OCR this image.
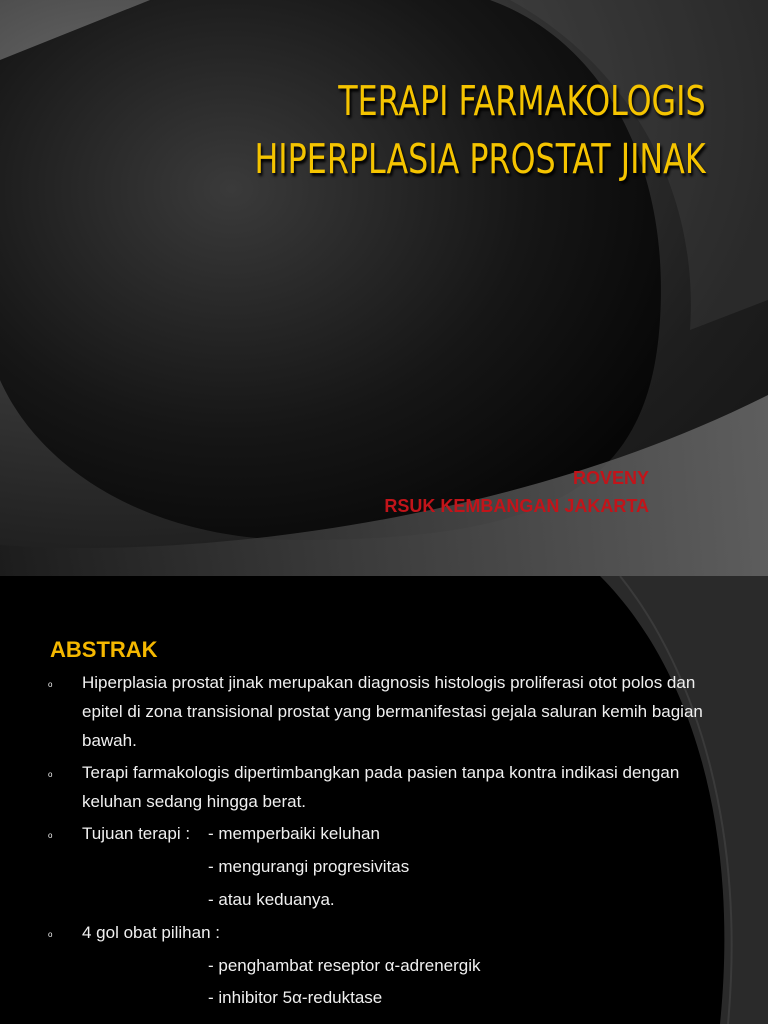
TERAPI FARMAKOLOGIS
HIPERPLASIA PROSTAT JINAK
ROVENY
RSUK KEMBANGAN JAKARTA
ABSTRAK
o Hiperplasia prostat jinak merupakan diagnosis histologis proliferasi otot polos dan
epitel di zona transisional prostat yang bermanifestasi gejala saluran kemih bagian
bawah.
o Terapi farmakologis dipertimbangkan pada pasien tanpa kontra indikasi dengan
keluhan sedang hingga berat.
o Tujuan terapi : - memperbaiki keluhan
- mengurangi progresivitas
- atau keduanya.
o 4 gol obat pilihan :
- penghambat reseptor α-adrenergik
- inhibitor 5α-reduktase
